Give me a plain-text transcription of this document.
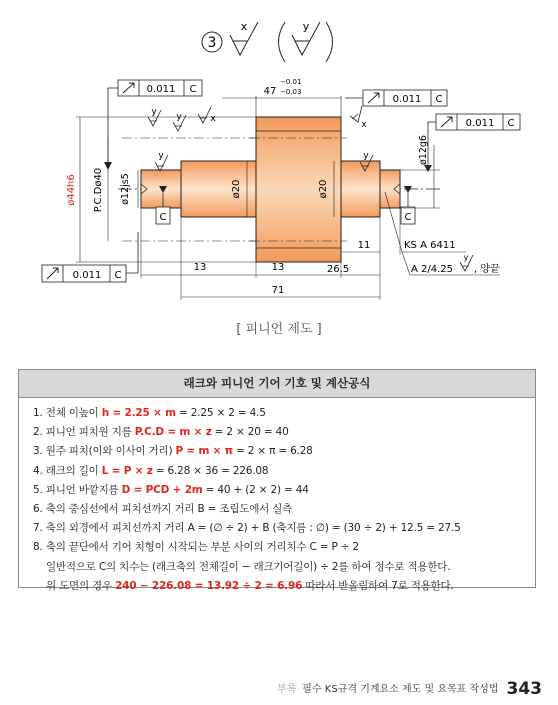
3
x	y
C	C
y	y
y y	x
x
0.011 C
0.011 C
0.011 C
0.011 C
47
−0.01
−0.03
ø44h6 P.C.Dø40 ø12js5	ø20	ø20
ø12g6
13	13	26.5
71
11	KS A 6411
A 2/4.25
y
, 양끝
[ 피니언 제도 ]
래크와 피니언 기어 기호 및 계산공식
1. 전체 이높이 h = 2.25 × m = 2.25 × 2 = 4.5
2. 피니언 피치원 지름 P.C.D = m × z = 2 × 20 = 40
3. 원주 피치(이와 이사이 거리) P = m × π = 2 × π = 6.28
4. 래크의 길이 L = P × z = 6.28 × 36 = 226.08
5. 피니언 바깥지름 D = PCD + 2m = 40 + (2 × 2) = 44
6. 축의 중심선에서 피치선까지 거리 B = 조립도에서 실측
7. 축의 외경에서 피치선까지 거리 A = (∅ ÷ 2) + B (축지름 : ∅) = (30 ÷ 2) + 12.5 = 27.5
8. 축의 끝단에서 기어 치형이 시작되는 부분 사이의 거리치수 C = P ÷ 2
일반적으로 C의 치수는 (래크축의 전체길이 − 래크기어길이) ÷ 2를 하여 정수로 적용한다.
위 도면의 경우 240 − 226.08 = 13.92 ÷ 2 = 6.96 따라서 반올림하여 7로 적용한다.
부록 필수 KS규격 기계요소 제도 및 요목표 작성법 343
